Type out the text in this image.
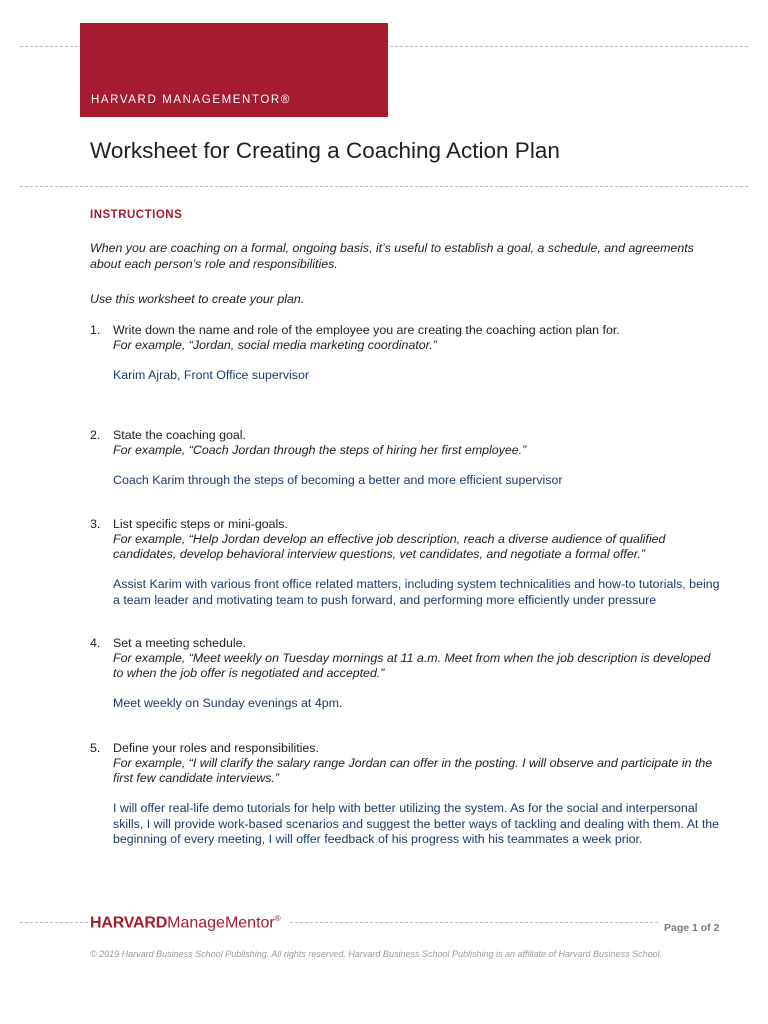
HARVARD MANAGEMENTOR®
Worksheet for Creating a Coaching Action Plan
INSTRUCTIONS
When you are coaching on a formal, ongoing basis, it’s useful to establish a goal, a schedule, and agreements about each person’s role and responsibilities.
Use this worksheet to create your plan.
1. Write down the name and role of the employee you are creating the coaching action plan for.
For example, “Jordan, social media marketing coordinator.”
Karim Ajrab, Front Office supervisor
2. State the coaching goal.
For example, “Coach Jordan through the steps of hiring her first employee.”
Coach Karim through the steps of becoming a better and more efficient supervisor
3. List specific steps or mini-goals.
For example, “Help Jordan develop an effective job description, reach a diverse audience of qualified candidates, develop behavioral interview questions, vet candidates, and negotiate a formal offer.”
Assist Karim with various front office related matters, including system technicalities and how-to tutorials, being a team leader and motivating team to push forward, and performing more efficiently under pressure
4. Set a meeting schedule.
For example, “Meet weekly on Tuesday mornings at 11 a.m. Meet from when the job description is developed to when the job offer is negotiated and accepted.”
Meet weekly on Sunday evenings at 4pm.
5. Define your roles and responsibilities.
For example, “I will clarify the salary range Jordan can offer in the posting. I will observe and participate in the first few candidate interviews.”
I will offer real-life demo tutorials for help with better utilizing the system. As for the social and interpersonal skills, I will provide work-based scenarios and suggest the better ways of tackling and dealing with them. At the beginning of every meeting, I will offer feedback of his progress with his teammates a week prior.
HARVARDManageMentor®
Page 1 of 2
© 2019 Harvard Business School Publishing. All rights reserved. Harvard Business School Publishing is an affiliate of Harvard Business School.
